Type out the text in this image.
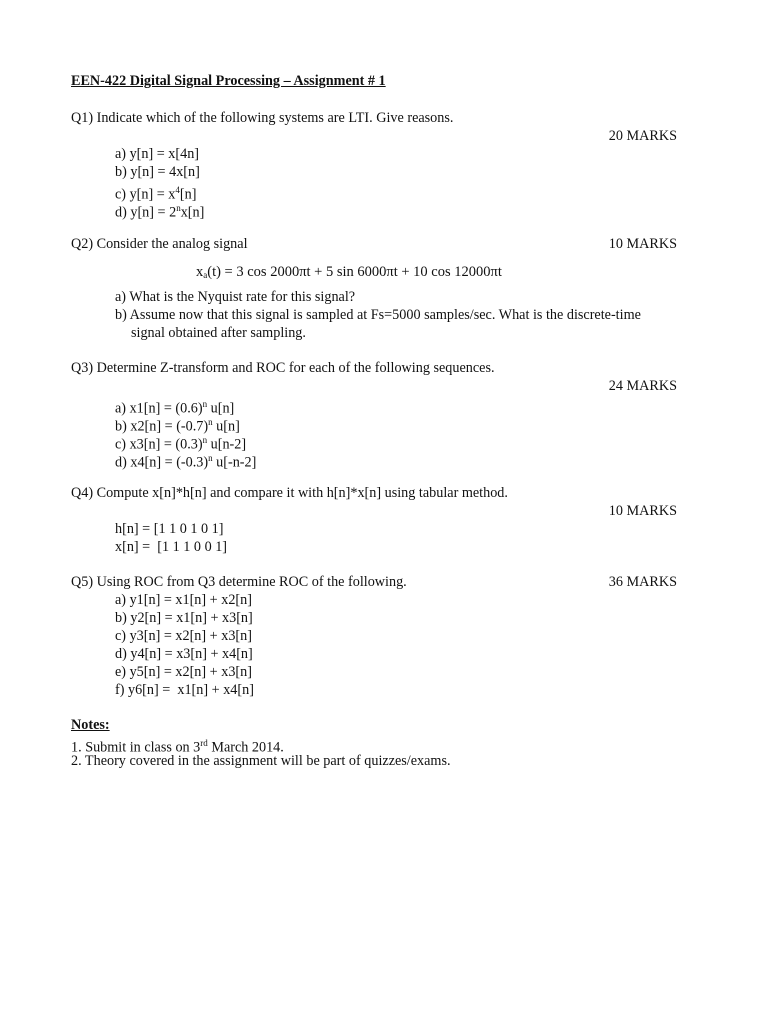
EEN-422 Digital Signal Processing – Assignment # 1
Q1) Indicate which of the following systems are LTI. Give reasons.
20 MARKS
a) y[n] = x[4n]
b) y[n] = 4x[n]
c) $y[n] = x^4[n]$
d) $y[n] = 2^nx[n]$
Q2) Consider the analog signal	10 MARKS
$x_a(t) = 3$ cos 2000πt + 5 sin 6000πt + 10 cos 12000πt
a) What is the Nyquist rate for this signal?
b) Assume now that this signal is sampled at Fs=5000 samples/sec. What is the discrete-time
signal obtained after sampling.
Q3) Determine Z-transform and ROC for each of the following sequences.
24 MARKS
a) $x1[n] = (0.6)^n$ u[n]
b) $x2[n] = (-0.7)^n$ u[n]
c) $x3[n] = (0.3)^n$ u[n-2]
d) $x4[n] = (-0.3)^n$ u[-n-2]
Q4) Compute x[n]*h[n] and compare it with h[n]*x[n] using tabular method.
10 MARKS
h[n] = [1 1 0 1 0 1]
x[n] =  [1 1 1 0 0 1]
Q5) Using ROC from Q3 determine ROC of the following.	36 MARKS
a) y1[n] = x1[n] + x2[n]
b) y2[n] = x1[n] + x3[n]
c) y3[n] = x2[n] + x3[n]
d) y4[n] = x3[n] + x4[n]
e) y5[n] = x2[n] + x3[n]
f) y6[n] =  x1[n] + x4[n]
Notes:
1. Submit in class on 3rd March 2014.
2. Theory covered in the assignment will be part of quizzes/exams.
